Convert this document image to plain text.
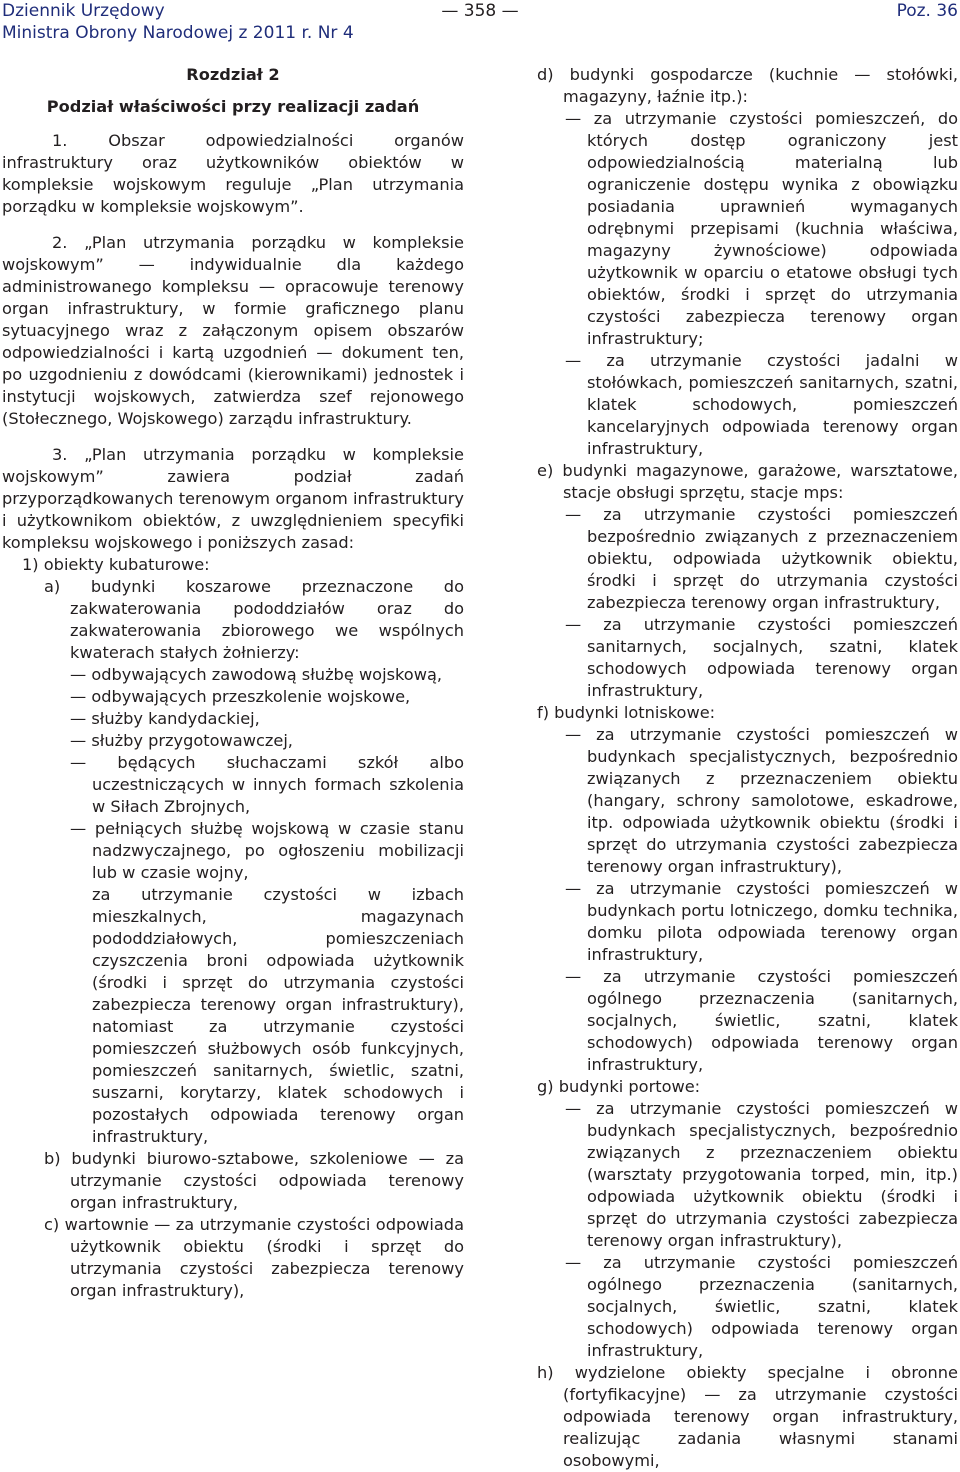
Dziennik Urzędowy
Ministra Obrony Narodowej z 2011 r. Nr 4
— 358 —	Poz. 36

Rozdział 2

Podział właściwości przy realizacji zadań

1. Obszar odpowiedzialności organów infrastruktury oraz użytkowników obiektów w kompleksie wojskowym reguluje „Plan utrzymania porządku w kompleksie wojskowym”.

2. „Plan utrzymania porządku w kompleksie wojskowym” — indywidualnie dla każdego administrowanego kompleksu — opracowuje terenowy organ infrastruktury, w formie graficznego planu sytuacyjnego wraz z załączonym opisem obszarów odpowiedzialności i kartą uzgodnień — dokument ten, po uzgodnieniu z dowódcami (kierownikami) jednostek i instytucji wojskowych, zatwierdza szef rejonowego (Stołecznego, Wojskowego) zarządu infrastruktury.

3. „Plan utrzymania porządku w kompleksie wojskowym” zawiera podział zadań przyporządkowanych terenowym organom infrastruktury i użytkownikom obiektów, z uwzględnieniem specyfiki kompleksu wojskowego i poniższych zasad:

1) obiekty kubaturowe:

a) budynki koszarowe przeznaczone do zakwaterowania pododdziałów oraz do zakwaterowania zbiorowego we wspólnych kwaterach stałych żołnierzy:

— odbywających zawodową służbę wojskową,

— odbywających przeszkolenie wojskowe,

— służby kandydackiej,

— służby przygotowawczej,

— będących słuchaczami szkół albo uczestniczących w innych formach szkolenia w Siłach Zbrojnych,

— pełniących służbę wojskową w czasie stanu nadzwyczajnego, po ogłoszeniu mobilizacji lub w czasie wojny,

za utrzymanie czystości w izbach mieszkalnych, magazynach pododdziałowych, pomieszczeniach czyszczenia broni odpowiada użytkownik (środki i sprzęt do utrzymania czystości zabezpiecza terenowy organ infrastruktury), natomiast za utrzymanie czystości pomieszczeń służbowych osób funkcyjnych, pomieszczeń sanitarnych, świetlic, szatni, suszarni, korytarzy, klatek schodowych i pozostałych odpowiada terenowy organ infrastruktury,

b) budynki biurowo-sztabowe, szkoleniowe — za utrzymanie czystości odpowiada terenowy organ infrastruktury,

c) wartownie — za utrzymanie czystości odpowiada użytkownik obiektu (środki i sprzęt do utrzymania czystości zabezpiecza terenowy organ infrastruktury),

d) budynki gospodarcze (kuchnie — stołówki, magazyny, łaźnie itp.):

— za utrzymanie czystości pomieszczeń, do których dostęp ograniczony jest odpowiedzialnością materialną lub ograniczenie dostępu wynika z obowiązku posiadania uprawnień wymaganych odrębnymi przepisami (kuchnia właściwa, magazyny żywnościowe) odpowiada użytkownik w oparciu o etatowe obsługi tych obiektów, środki i sprzęt do utrzymania czystości zabezpiecza terenowy organ infrastruktury;

— za utrzymanie czystości jadalni w stołówkach, pomieszczeń sanitarnych, szatni, klatek schodowych, pomieszczeń kancelaryjnych odpowiada terenowy organ infrastruktury,

e) budynki magazynowe, garażowe, warsztatowe, stacje obsługi sprzętu, stacje mps:

— za utrzymanie czystości pomieszczeń bezpośrednio związanych z przeznaczeniem obiektu, odpowiada użytkownik obiektu, środki i sprzęt do utrzymania czystości zabezpiecza terenowy organ infrastruktury,

— za utrzymanie czystości pomieszczeń sanitarnych, socjalnych, szatni, klatek schodowych odpowiada terenowy organ infrastruktury,

f) budynki lotniskowe:

— za utrzymanie czystości pomieszczeń w budynkach specjalistycznych, bezpośrednio związanych z przeznaczeniem obiektu (hangary, schrony samolotowe, eskadrowe, itp. odpowiada użytkownik obiektu (środki i sprzęt do utrzymania czystości zabezpiecza terenowy organ infrastruktury),

— za utrzymanie czystości pomieszczeń w budynkach portu lotniczego, domku technika, domku pilota odpowiada terenowy organ infrastruktury,

— za utrzymanie czystości pomieszczeń ogólnego przeznaczenia (sanitarnych, socjalnych, świetlic, szatni, klatek schodowych) odpowiada terenowy organ infrastruktury,

g) budynki portowe:

— za utrzymanie czystości pomieszczeń w budynkach specjalistycznych, bezpośrednio związanych z przeznaczeniem obiektu (warsztaty przygotowania torped, min, itp.) odpowiada użytkownik obiektu (środki i sprzęt do utrzymania czystości zabezpieczа terenowy organ infrastruktury),

— za utrzymanie czystości pomieszczeń ogólnego przeznaczenia (sanitarnych, socjalnych, świetlic, szatni, klatek schodowych) odpowiada terenowy organ infrastruktury,

h) wydzielone obiekty specjalne i obronne (fortyfikacyjne) — za utrzymanie czystości odpowiada terenowy organ infrastruktury, realizując zadania własnymi stanami osobowymi,
